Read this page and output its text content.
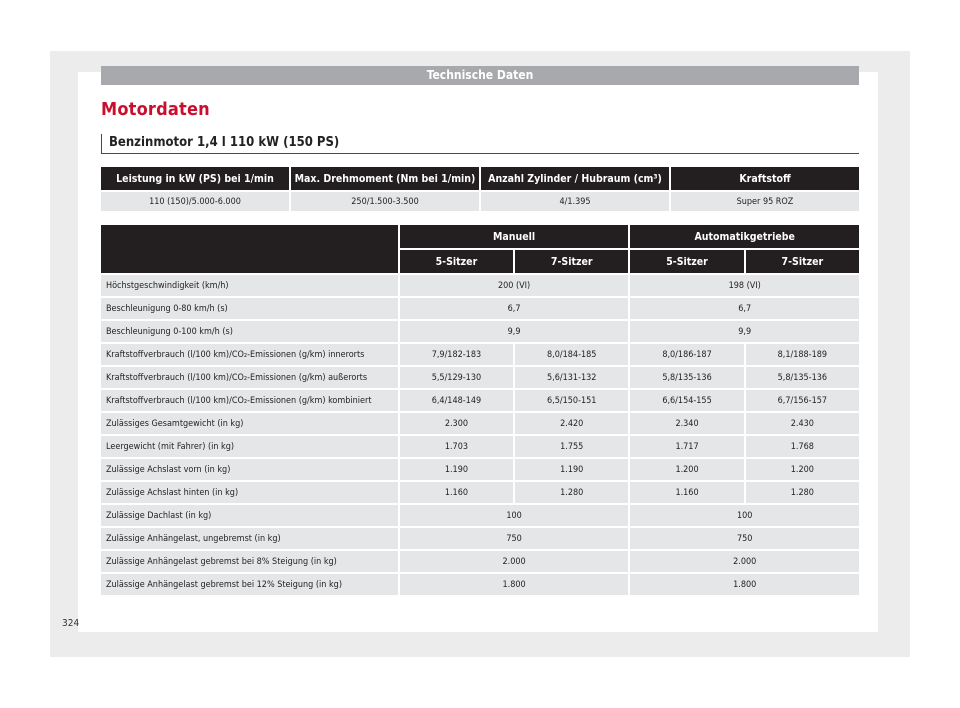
Technische Daten
Motordaten
Benzinmotor 1,4 l 110 kW (150 PS)
Leistung in kW (PS) bei 1/min	Max. Drehmoment (Nm bei 1/min)	Anzahl Zylinder / Hubraum (cm³)	Kraftstoff
110 (150)/5.000-6.000	250/1.500-3.500	4/1.395	Super 95 ROZ
	Manuell		Automatikgetriebe	
	5-Sitzer	7-Sitzer	5-Sitzer	7-Sitzer
Höchstgeschwindigkeit (km/h)	200 (VI)		198 (VI)	
Beschleunigung 0-80 km/h (s)	6,7		6,7	
Beschleunigung 0-100 km/h (s)	9,9		9,9	
Kraftstoffverbrauch (l/100 km)/CO₂-Emissionen (g/km) innerorts	7,9/182-183	8,0/184-185	8,0/186-187	8,1/188-189
Kraftstoffverbrauch (l/100 km)/CO₂-Emissionen (g/km) außerorts	5,5/129-130	5,6/131-132	5,8/135-136	5,8/135-136
Kraftstoffverbrauch (l/100 km)/CO₂-Emissionen (g/km) kombiniert	6,4/148-149	6,5/150-151	6,6/154-155	6,7/156-157
Zulässiges Gesamtgewicht (in kg)	2.300	2.420	2.340	2.430
Leergewicht (mit Fahrer) (in kg)	1.703	1.755	1.717	1.768
Zulässige Achslast vorn (in kg)	1.190	1.190	1.200	1.200
Zulässige Achslast hinten (in kg)	1.160	1.280	1.160	1.280
Zulässige Dachlast (in kg)	100		100	
Zulässige Anhängelast, ungebremst (in kg)	750		750	
Zulässige Anhängelast gebremst bei 8% Steigung (in kg)	2.000		2.000	
Zulässige Anhängelast gebremst bei 12% Steigung (in kg)	1.800		1.800	
324
